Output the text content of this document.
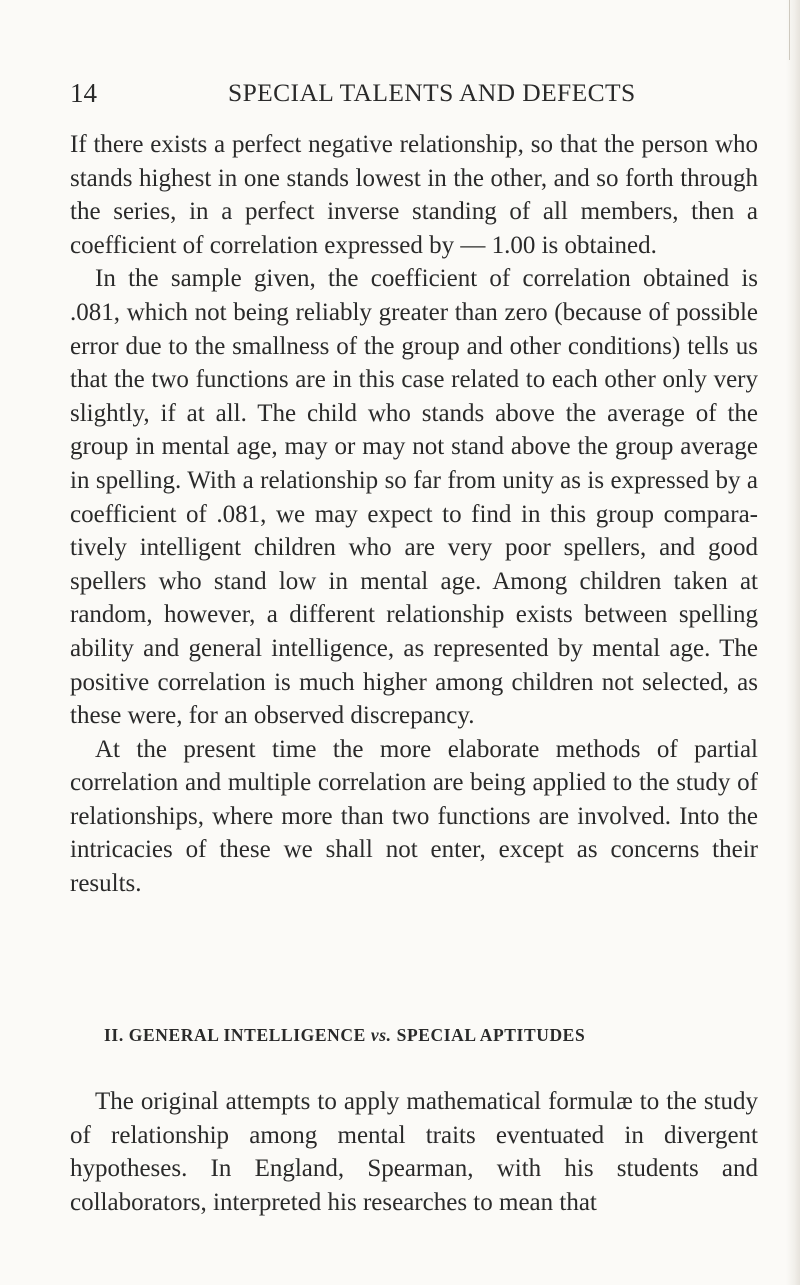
14	SPECIAL TALENTS AND DEFECTS

If there exists a perfect negative relationship, so that the person who stands highest in one stands lowest in the other, and so forth through the series, in a perfect inverse standing of all members, then a coefficient of correlation expressed by — 1.00 is obtained.

In the sample given, the coefficient of correlation obtained is .081, which not being reliably greater than zero (because of possible error due to the smallness of the group and other conditions) tells us that the two functions are in this case related to each other only very slightly, if at all. The child who stands above the average of the group in mental age, may or may not stand above the group average in spelling. With a relationship so far from unity as is expressed by a coefficient of .081, we may expect to find in this group comparatively intelligent children who are very poor spellers, and good spellers who stand low in mental age. Among children taken at random, however, a different relationship exists between spelling ability and general intelligence, as represented by mental age. The positive correlation is much higher among children not selected, as these were, for an observed discrepancy.

At the present time the more elaborate methods of partial correlation and multiple correlation are being applied to the study of relationships, where more than two functions are involved. Into the intricacies of these we shall not enter, except as concerns their results.

II. GENERAL INTELLIGENCE vs. SPECIAL APTITUDES

The original attempts to apply mathematical formulæ to the study of relationship among mental traits eventuated in divergent hypotheses. In England, Spearman, with his students and collaborators, interpreted his researches to mean that
